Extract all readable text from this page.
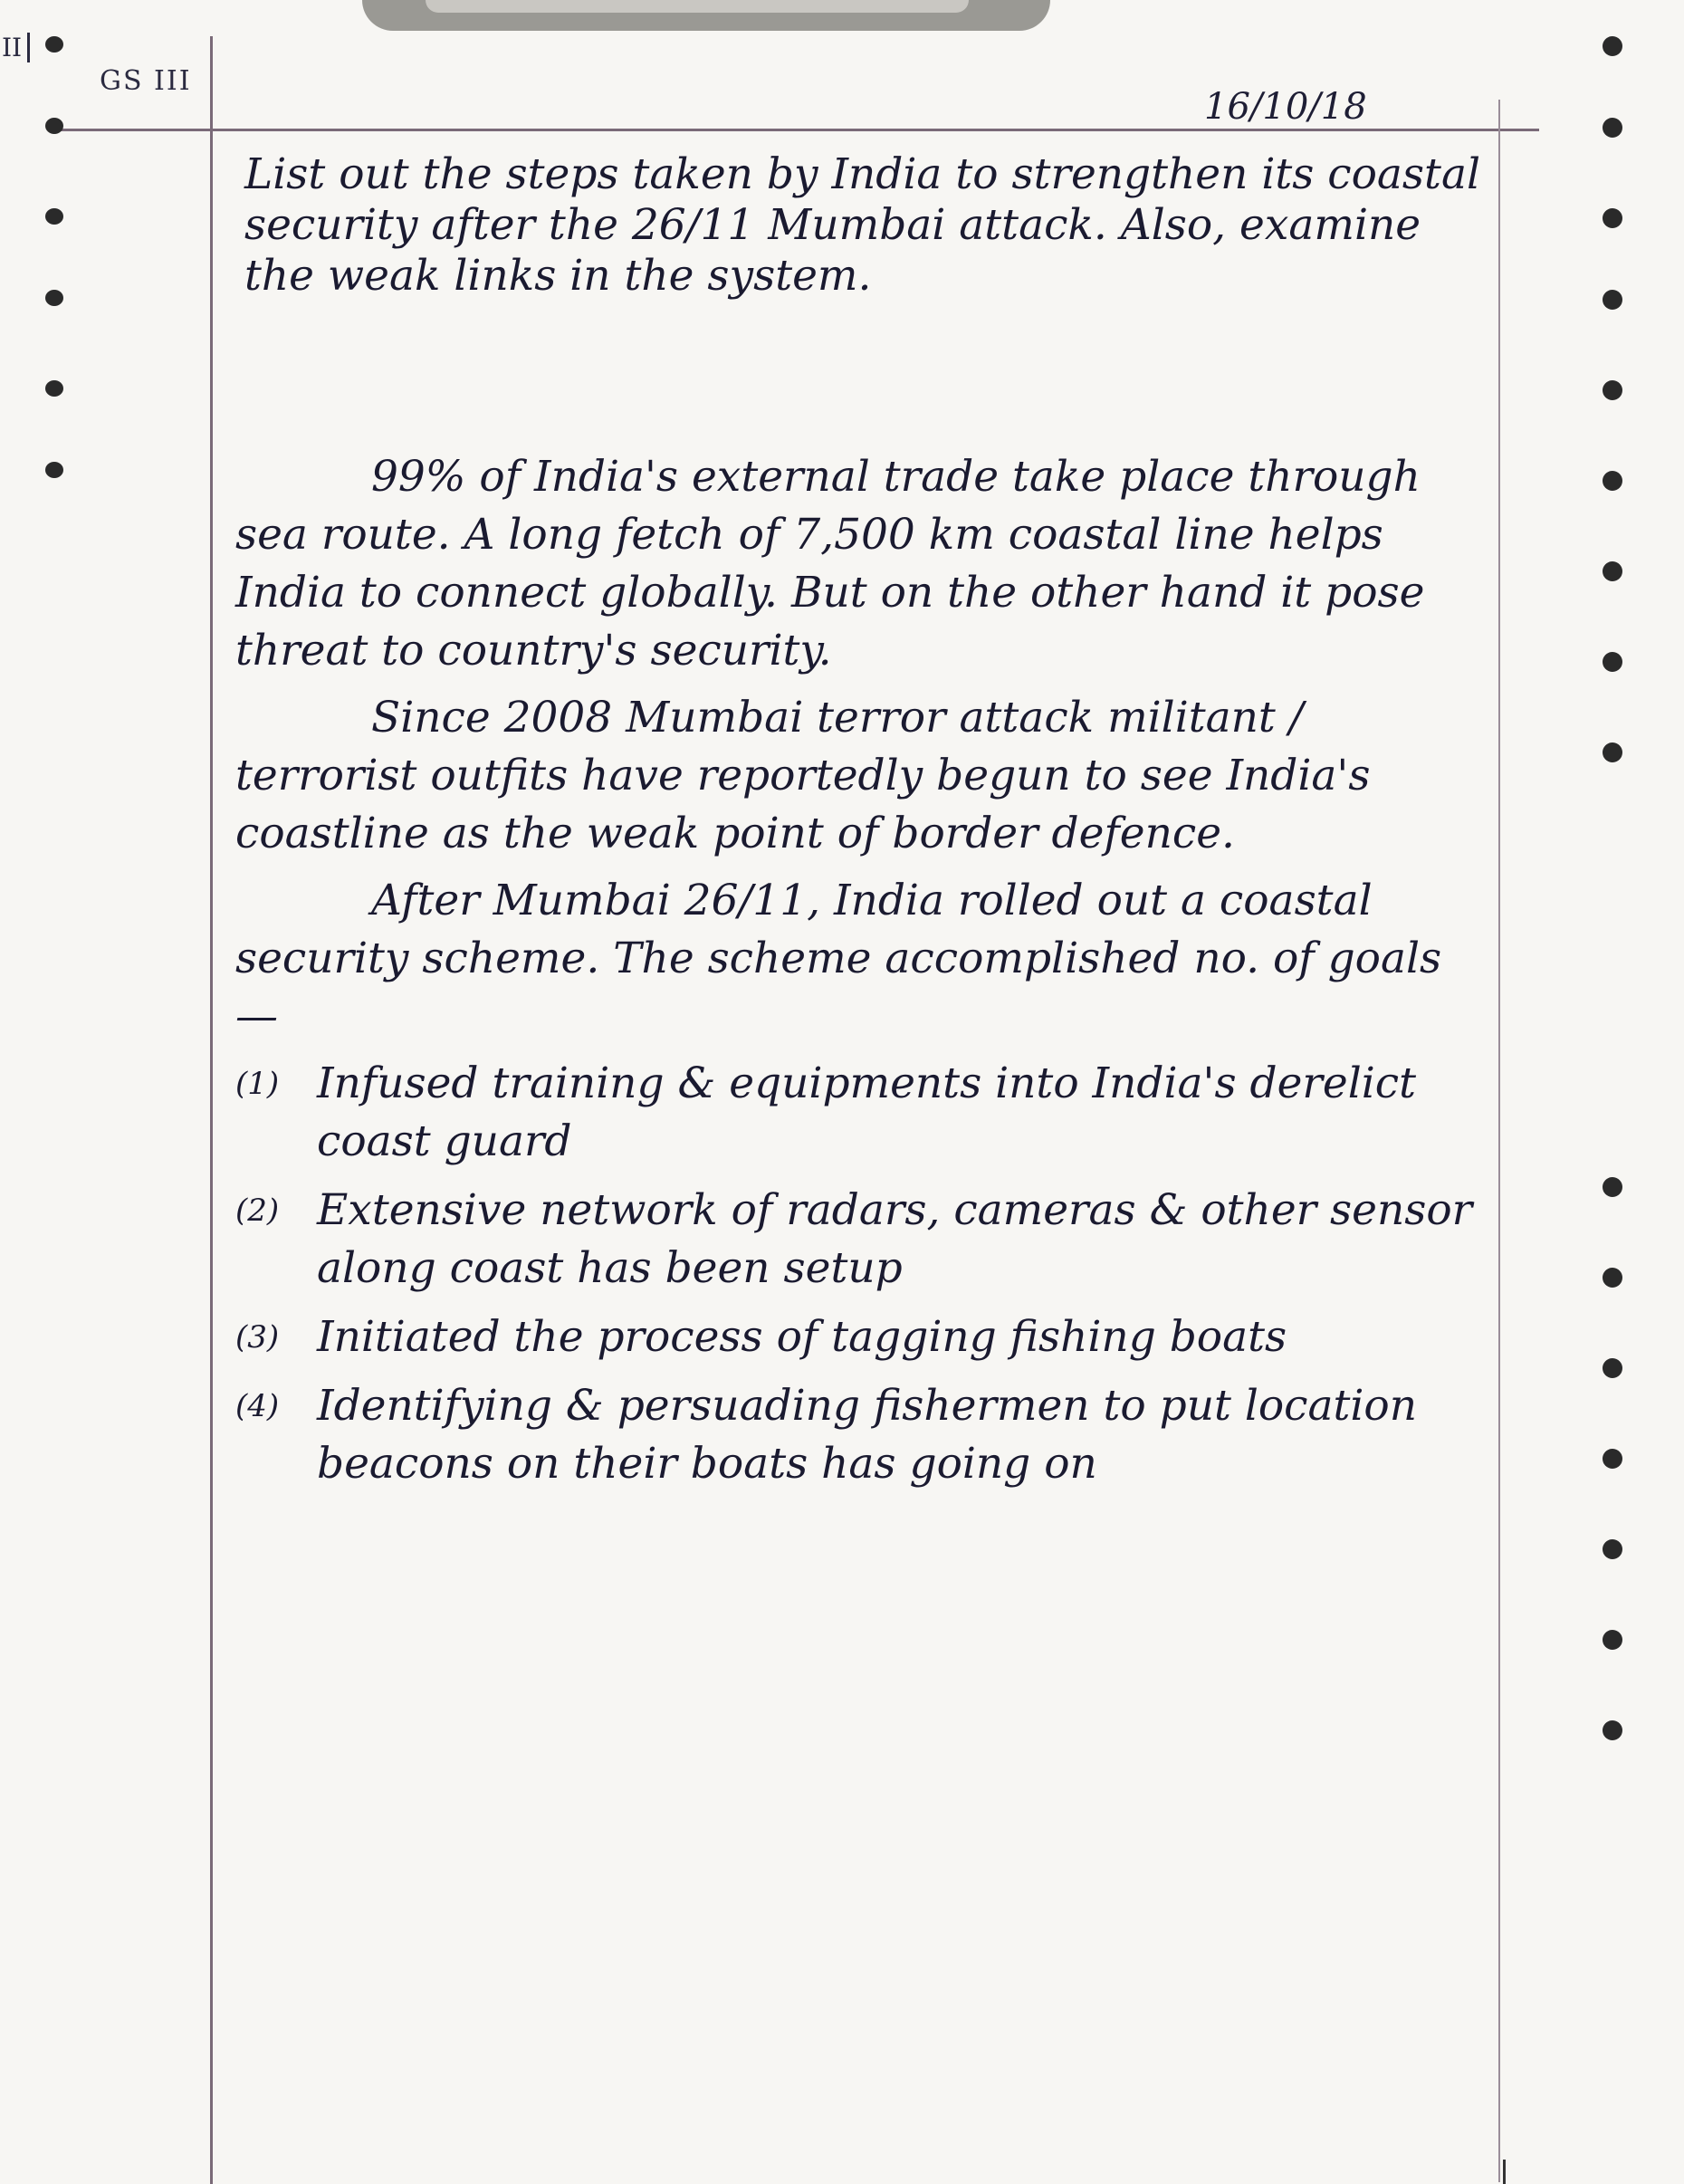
II
GS III
16/10/18
List out the steps taken by India to strengthen its coastal security after the 26/11 Mumbai attack. Also, examine the weak links in the system.

99% of India's external trade take place through sea route. A long fetch of 7,500 km coastal line helps India to connect globally. But on the other hand it pose threat to country's security.

Since 2008 Mumbai terror attack militant / terrorist outfits have reportedly begun to see India's coastline as the weak point of border defence.

After Mumbai 26/11, India rolled out a coastal security scheme. The scheme accomplished no. of goals —

(1) Infused training & equipments into India's derelict coast guard
(2) Extensive network of radars, cameras & other sensor along coast has been setup
(3) Initiated the process of tagging fishing boats
(4) Identifying & persuading fishermen to put location beacons on their boats has going on
